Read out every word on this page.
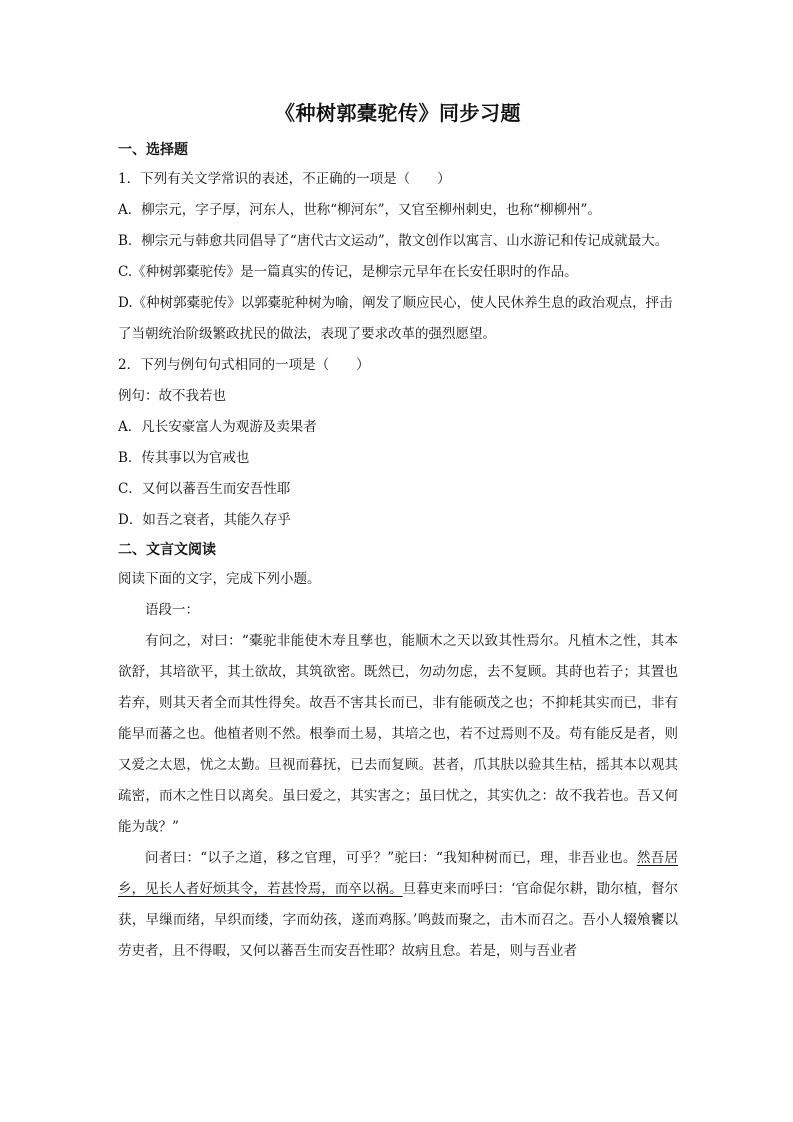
《种树郭橐驼传》同步习题
一、选择题
1．下列有关文学常识的表述，不正确的一项是（　　）
A．柳宗元，字子厚，河东人，世称“柳河东”，又官至柳州刺史，也称“柳柳州”。
B．柳宗元与韩愈共同倡导了“唐代古文运动”，散文创作以寓言、山水游记和传记成就最大。
C.《种树郭橐驼传》是一篇真实的传记，是柳宗元早年在长安任职时的作品。
D.《种树郭橐驼传》以郭橐驼种树为喻，阐发了顺应民心，使人民休养生息的政治观点，抨击了当朝统治阶级繁政扰民的做法，表现了要求改革的强烈愿望。
2．下列与例句句式相同的一项是（　　）
例句：故不我若也
A．凡长安豪富人为观游及卖果者
B．传其事以为官戒也
C．又何以蕃吾生而安吾性耶
D．如吾之衰者，其能久存乎
二、文言文阅读
阅读下面的文字，完成下列小题。
语段一：
有问之，对曰：“橐驼非能使木寿且孳也，能顺木之天以致其性焉尔。凡植木之性，其本欲舒，其培欲平，其土欲故，其筑欲密。既然已，勿动勿虑，去不复顾。其莳也若子；其置也若弃，则其天者全而其性得矣。故吾不害其长而已，非有能硕茂之也；不抑耗其实而已，非有能早而蕃之也。他植者则不然。根拳而土易，其培之也，若不过焉则不及。苟有能反是者，则又爱之太恩，忧之太勤。旦视而暮抚，已去而复顾。甚者，爪其肤以验其生枯，摇其本以观其疏密，而木之性日以离矣。虽曰爱之，其实害之；虽曰忧之，其实仇之：故不我若也。吾又何能为哉？”
问者曰：“以子之道，移之官理，可乎？”驼曰：“我知种树而已，理，非吾业也。然吾居乡，见长人者好烦其令，若甚怜焉，而卒以祸。旦暮吏来而呼曰：‘官命促尔耕，勖尔植，督尔获，早缫而绪，早织而缕，字而幼孩，遂而鸡豚。’鸣鼓而聚之，击木而召之。吾小人辍飧饔以劳吏者，且不得暇，又何以蕃吾生而安吾性耶？故病且怠。若是，则与吾业者
